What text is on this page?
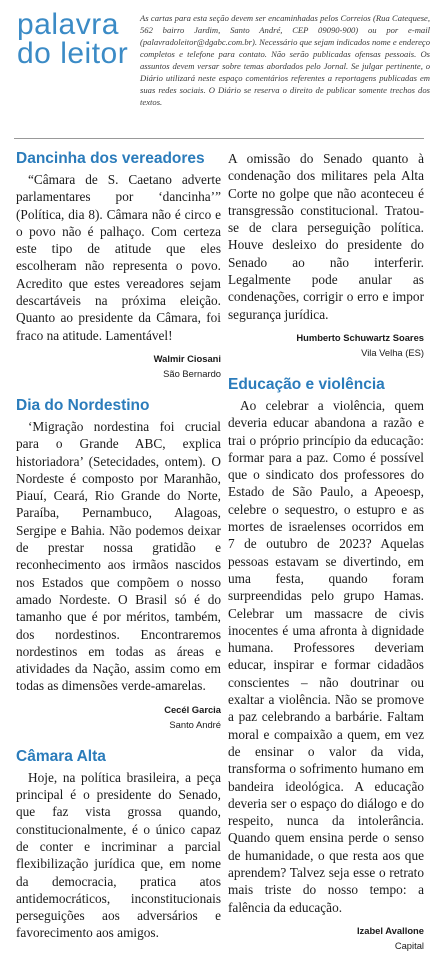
palavra
do leitor
As cartas para esta seção devem ser encaminhadas pelos Correios (Rua Catequese, 562 bairro Jardim, Santo André, CEP 09090-900) ou por e-mail (palavradoleitor@dgabc.com.br). Necessário que sejam indicados nome e endereço completos e telefone para contato. Não serão publicadas ofensas pessoais. Os assuntos devem versar sobre temas abordados pelo Jornal. Se julgar pertinente, o Diário utilizará neste espaço comentários referentes a reportagens publicadas em suas redes sociais. O Diário se reserva o direito de publicar somente trechos dos textos.
Dancinha dos vereadores

“Câmara de S. Caetano adverte parlamentares por ‘dancinha’” (Política, dia 8). Câmara não é circo e o povo não é palhaço. Com certeza este tipo de atitude que eles escolheram não representa o povo. Acredito que estes vereadores sejam descartáveis na próxima eleição. Quanto ao presidente da Câmara, foi fraco na atitude. Lamentável!

Walmir Ciosani
São Bernardo
Dia do Nordestino

‘Migração nordestina foi crucial para o Grande ABC, explica historiadora’ (Setecidades, ontem). O Nordeste é composto por Maranhão, Piauí, Ceará, Rio Grande do Norte, Paraíba, Pernambuco, Alagoas, Sergipe e Bahia. Não podemos deixar de prestar nossa gratidão e reconhecimento aos irmãos nascidos nos Estados que compõem o nosso amado Nordeste. O Brasil só é do tamanho que é por méritos, também, dos nordestinos. Encontraremos nordestinos em todas as áreas e atividades da Nação, assim como em todas as dimensões verde-amarelas.

Cecél Garcia
Santo André
Câmara Alta

Hoje, na política brasileira, a peça principal é o presidente do Senado, que faz vista grossa quando, constitucionalmente, é o único capaz de conter e incriminar a parcial flexibilização jurídica que, em nome da democracia, pratica atos antidemocráticos, inconstitucionais perseguições aos adversários e favorecimento aos amigos.

A omissão do Senado quanto à condenação dos militares pela Alta Corte no golpe que não aconteceu é transgressão constitucional. Tratou-se de clara perseguição política. Houve desleixo do presidente do Senado ao não interferir. Legalmente pode anular as condenações, corrigir o erro e impor segurança jurídica.

Humberto Schuwartz Soares
Vila Velha (ES)
Educação e violência

Ao celebrar a violência, quem deveria educar abandona a razão e trai o próprio princípio da educação: formar para a paz. Como é possível que o sindicato dos professores do Estado de São Paulo, a Apeoesp, celebre o sequestro, o estupro e as mortes de israelenses ocorridos em 7 de outubro de 2023? Aquelas pessoas estavam se divertindo, em uma festa, quando foram surpreendidas pelo grupo Hamas. Celebrar um massacre de civis inocentes é uma afronta à dignidade humana. Professores deveriam educar, inspirar e formar cidadãos conscientes – não doutrinar ou exaltar a violência. Não se promove a paz celebrando a barbárie. Faltam moral e compaixão a quem, em vez de ensinar o valor da vida, transforma o sofrimento humano em bandeira ideológica. A educação deveria ser o espaço do diálogo e do respeito, nunca da intolerância. Quando quem ensina perde o senso de humanidade, o que resta aos que aprendem? Talvez seja esse o retrato mais triste do nosso tempo: a falência da educação.

Izabel Avallone
Capital
